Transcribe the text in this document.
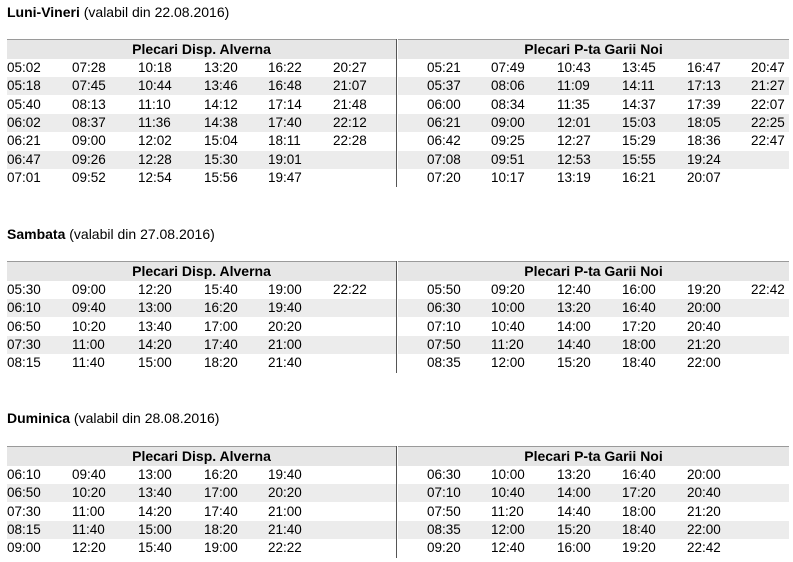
Luni-Vineri (valabil din 22.08.2016)
Plecari Disp. Alverna	Plecari P-ta Garii Noi
05:02 07:28 10:18 13:20 16:22 20:27	05:21 07:49 10:43 13:45 16:47 20:47
05:18 07:45 10:44 13:46 16:48 21:07	05:37 08:06 11:09 14:11 17:13 21:27
05:40 08:13 11:10 14:12 17:14 21:48	06:00 08:34 11:35 14:37 17:39 22:07
06:02 08:37 11:36 14:38 17:40 22:12	06:21 09:00 12:01 15:03 18:05 22:25
06:21 09:00 12:02 15:04 18:11 22:28	06:42 09:25 12:27 15:29 18:36 22:47
06:47 09:26 12:28 15:30 19:01	07:08 09:51 12:53 15:55 19:24
07:01 09:52 12:54 15:56 19:47	07:20 10:17 13:19 16:21 20:07
Sambata (valabil din 27.08.2016)
Plecari Disp. Alverna	Plecari P-ta Garii Noi
05:30 09:00 12:20 15:40 19:00 22:22	05:50 09:20 12:40 16:00 19:20 22:42
06:10 09:40 13:00 16:20 19:40	06:30 10:00 13:20 16:40 20:00
06:50 10:20 13:40 17:00 20:20	07:10 10:40 14:00 17:20 20:40
07:30 11:00 14:20 17:40 21:00	07:50 11:20 14:40 18:00 21:20
08:15 11:40 15:00 18:20 21:40	08:35 12:00 15:20 18:40 22:00
Duminica (valabil din 28.08.2016)
Plecari Disp. Alverna	Plecari P-ta Garii Noi
06:10 09:40 13:00 16:20 19:40	06:30 10:00 13:20 16:40 20:00
06:50 10:20 13:40 17:00 20:20	07:10 10:40 14:00 17:20 20:40
07:30 11:00 14:20 17:40 21:00	07:50 11:20 14:40 18:00 21:20
08:15 11:40 15:00 18:20 21:40	08:35 12:00 15:20 18:40 22:00
09:00 12:20 15:40 19:00 22:22	09:20 12:40 16:00 19:20 22:42
